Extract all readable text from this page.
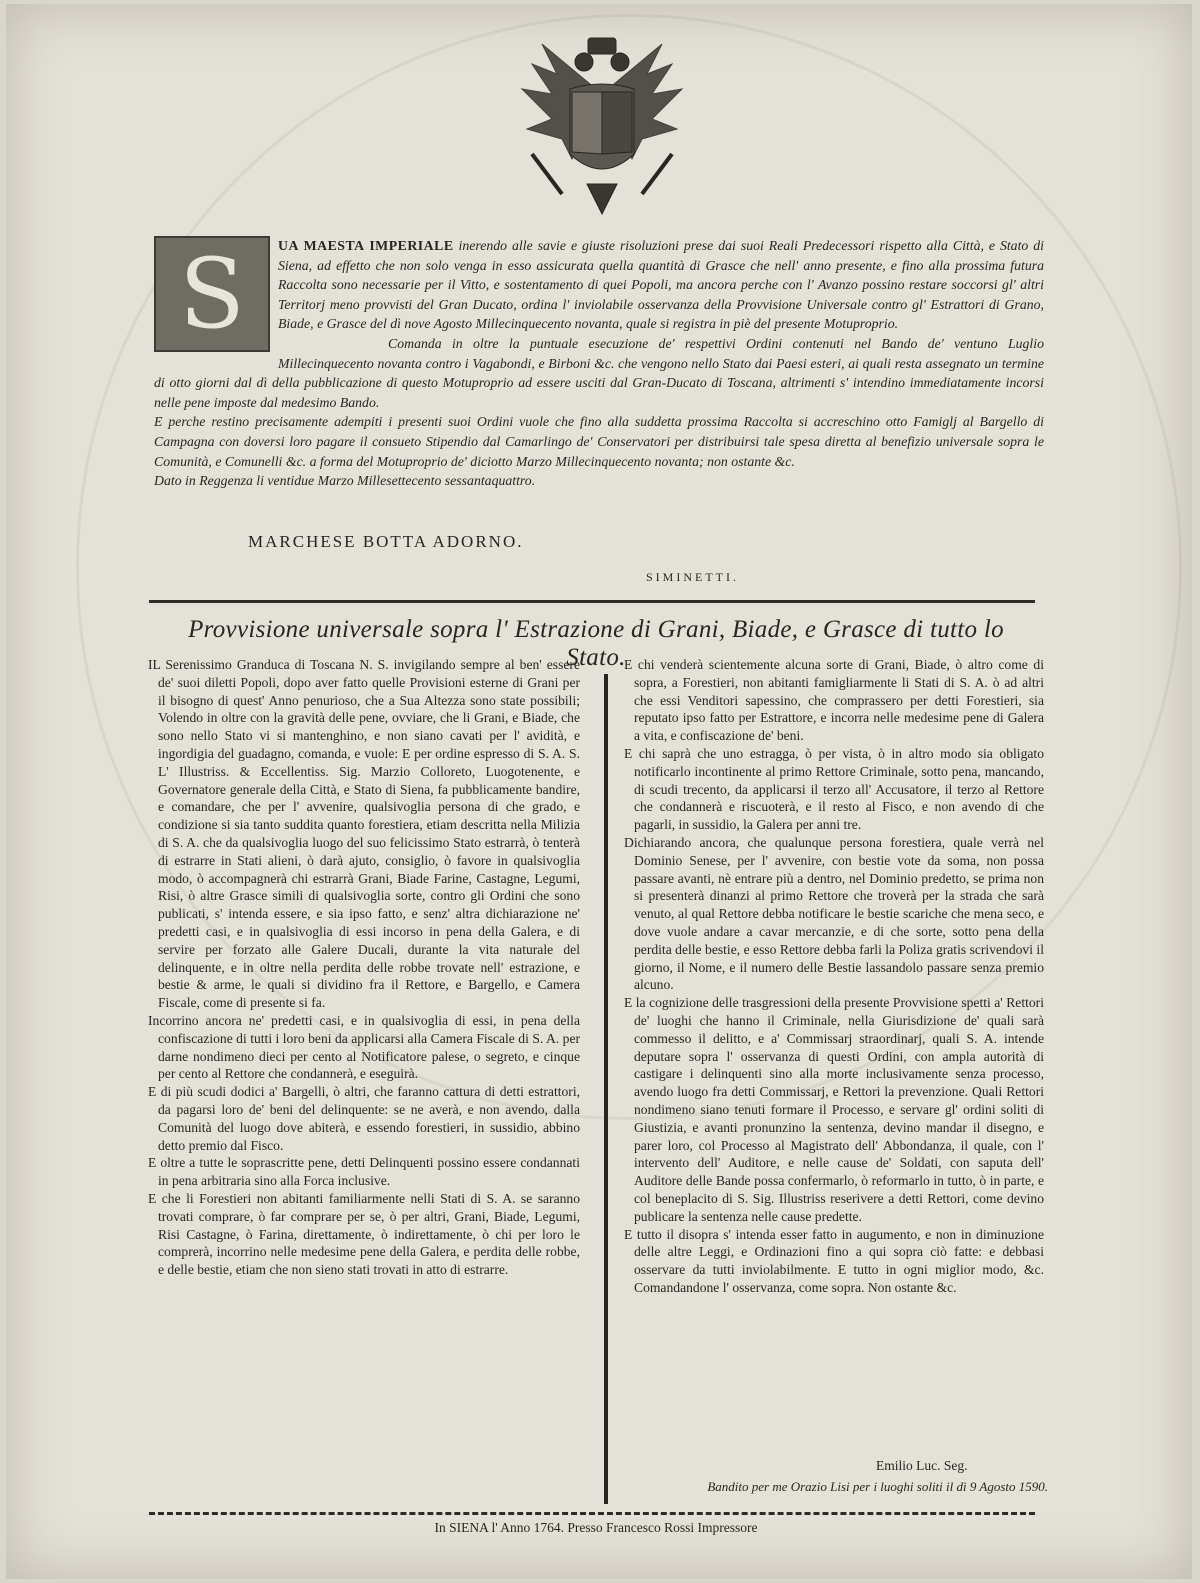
S	UA MAESTA IMPERIALE inerendo alle savie e giuste risoluzioni prese dai suoi Reali Predecessori rispetto alla Città, e Stato di Siena, ad effetto che non solo venga in esso assicurata quella quantità di Grasce che nell' anno presente, e fino alla prossima futura Raccolta sono necessarie per il Vitto, e sostentamento di quei Popoli, ma ancora perche con l' Avanzo possino restare soccorsi gl' altri Territorj meno provvisti del Gran Ducato, ordina l' inviolabile osservanza della Provvisione Universale contro gl' Estrattori di Grano, Biade, e Grasce del dì nove Agosto Millecinquecento novanta, quale si registra in piè del presente Motuproprio.

Comanda in oltre la puntuale esecuzione de' respettivi Ordini contenuti nel Bando de' ventuno Luglio Millecinquecento novanta contro i Vagabondi, e Birboni &c. che vengono nello Stato dai Paesi esteri, ai quali resta assegnato un termine di otto giorni dal dì della pubblicazione di questo Motuproprio ad essere usciti dal Gran-Ducato di Toscana, altrimenti s' intendino immediatamente incorsi nelle pene imposte dal medesimo Bando.

E perche restino precisamente adempiti i presenti suoi Ordini vuole che fino alla suddetta prossima Raccolta si accreschino otto Famiglj al Bargello di Campagna con doversi loro pagare il consueto Stipendio dal Camarlingo de' Conservatori per distribuirsi tale spesa diretta al benefizio universale sopra le Comunità, e Comunelli &c. a forma del Motuproprio de' diciotto Marzo Millecinquecento novanta; non ostante &c.

Dato in Reggenza li ventidue Marzo Millesettecento sessantaquattro.

MARCHESE BOTTA ADORNO.
SIMINETTI.
Provvisione universale sopra l' Estrazione di Grani, Biade, e Grasce di tutto lo Stato.

IL Serenissimo Granduca di Toscana N. S. invigilando sempre al ben' essere de' suoi diletti Popoli, dopo aver fatto quelle Provisioni esterne di Grani per il bisogno di quest' Anno penurioso, che a Sua Altezza sono state possibili; Volendo in oltre con la gravità delle pene, ovviare, che li Grani, e Biade, che sono nello Stato vi si mantenghino, e non siano cavati per l' avidità, e ingordigia del guadagno, comanda, e vuole: E per ordine espresso di S. A. S. L' Illustriss. & Eccellentiss. Sig. Marzio Colloreto, Luogotenente, e Governatore generale della Città, e Stato di Siena, fa pubblicamente bandire, e comandare, che per l' avvenire, qualsivoglia persona di che grado, e condizione si sia tanto suddita quanto forestiera, etiam descritta nella Milizia di S. A. che da qualsivoglia luogo del suo felicissimo Stato estrarrà, ò tenterà di estrarre in Stati alieni, ò darà ajuto, consiglio, ò favore in qualsivoglia modo, ò accompagnerà chi estrarrà Grani, Biade Farine, Castagne, Legumi, Risi, ò altre Grasce simili di qualsivoglia sorte, contro gli Ordini che sono publicati, s' intenda essere, e sia ipso fatto, e senz' altra dichiarazione ne' predetti casi, e in qualsivoglia di essi incorso in pena della Galera, e di servire per forzato alle Galere Ducali, durante la vita naturale del delinquente, e in oltre nella perdita delle robbe trovate nell' estrazione, e bestie & arme, le quali si dividino fra il Rettore, e Bargello, e Camera Fiscale, come di presente si fa.

Incorrino ancora ne' predetti casi, e in qualsivoglia di essi, in pena della confiscazione di tutti i loro beni da applicarsi alla Camera Fiscale di S. A. per darne nondimeno dieci per cento al Notificatore palese, o segreto, e cinque per cento al Rettore che condannerà, e eseguirà.

E di più scudi dodici a' Bargelli, ò altri, che faranno cattura di detti estrattori, da pagarsi loro de' beni del delinquente: se ne averà, e non avendo, dalla Comunità del luogo dove abiterà, e essendo forestieri, in sussidio, abbino detto premio dal Fisco.

E oltre a tutte le soprascritte pene, detti Delinquenti possino essere condannati in pena arbitraria sino alla Forca inclusive.

E che li Forestieri non abitanti familiarmente nelli Stati di S. A. se saranno trovati comprare, ò far comprare per se, ò per altri, Grani, Biade, Legumi, Risi Castagne, ò Farina, direttamente, ò indirettamente, ò chi per loro le comprerà, incorrino nelle medesime pene della Galera, e perdita delle robbe, e delle bestie, etiam che non sieno stati trovati in atto di estrarre.

E chi venderà scientemente alcuna sorte di Grani, Biade, ò altro come di sopra, a Forestieri, non abitanti famigliarmente li Stati di S. A. ò ad altri che essi Venditori sapessino, che comprassero per detti Forestieri, sia reputato ipso fatto per Estrattore, e incorra nelle medesime pene di Galera a vita, e confiscazione de' beni.

E chi saprà che uno estragga, ò per vista, ò in altro modo sia obligato notificarlo incontinente al primo Rettore Criminale, sotto pena, mancando, di scudi trecento, da applicarsi il terzo all' Accusatore, il terzo al Rettore che condannerà e riscuoterà, e il resto al Fisco, e non avendo di che pagarli, in sussidio, la Galera per anni tre.

Dichiarando ancora, che qualunque persona forestiera, quale verrà nel Dominio Senese, per l' avvenire, con bestie vote da soma, non possa passare avanti, nè entrare più a dentro, nel Dominio predetto, se prima non si presenterà dinanzi al primo Rettore che troverà per la strada che sarà venuto, al qual Rettore debba notificare le bestie scariche che mena seco, e dove vuole andare a cavar mercanzie, e di che sorte, sotto pena della perdita delle bestie, e esso Rettore debba farli la Poliza gratis scrivendovi il giorno, il Nome, e il numero delle Bestie lassandolo passare senza premio alcuno.

E la cognizione delle trasgressioni della presente Provvisione spetti a' Rettori de' luoghi che hanno il Criminale, nella Giurisdizione de' quali sarà commesso il delitto, e a' Commissarj straordinarj, quali S. A. intende deputare sopra l' osservanza di questi Ordini, con ampla autorità di castigare i delinquenti sino alla morte inclusivamente senza processo, avendo luogo fra detti Commissarj, e Rettori la prevenzione. Quali Rettori nondimeno siano tenuti formare il Processo, e servare gl' ordini soliti di Giustizia, e avanti pronunzino la sentenza, devino mandar il disegno, e parer loro, col Processo al Magistrato dell' Abbondanza, il quale, con l' intervento dell' Auditore, e nelle cause de' Soldati, con saputa dell' Auditore delle Bande possa confermarlo, ò reformarlo in tutto, ò in parte, e col beneplacito di S. Sig. Illustriss reserivere a detti Rettori, come devino publicare la sentenza nelle cause predette.

E tutto il disopra s' intenda esser fatto in augumento, e non in diminuzione delle altre Leggi, e Ordinazioni fino a qui sopra ciò fatte: e debbasi osservare da tutti inviolabilmente. E tutto in ogni miglior modo, &c. Comandandone l' osservanza, come sopra. Non ostante &c.

Emilio Luc. Seg.
Bandito per me Orazio Lisi per i luoghi soliti il dì 9 Agosto 1590.
In SIENA l' Anno 1764. Presso Francesco Rossi Impressore
